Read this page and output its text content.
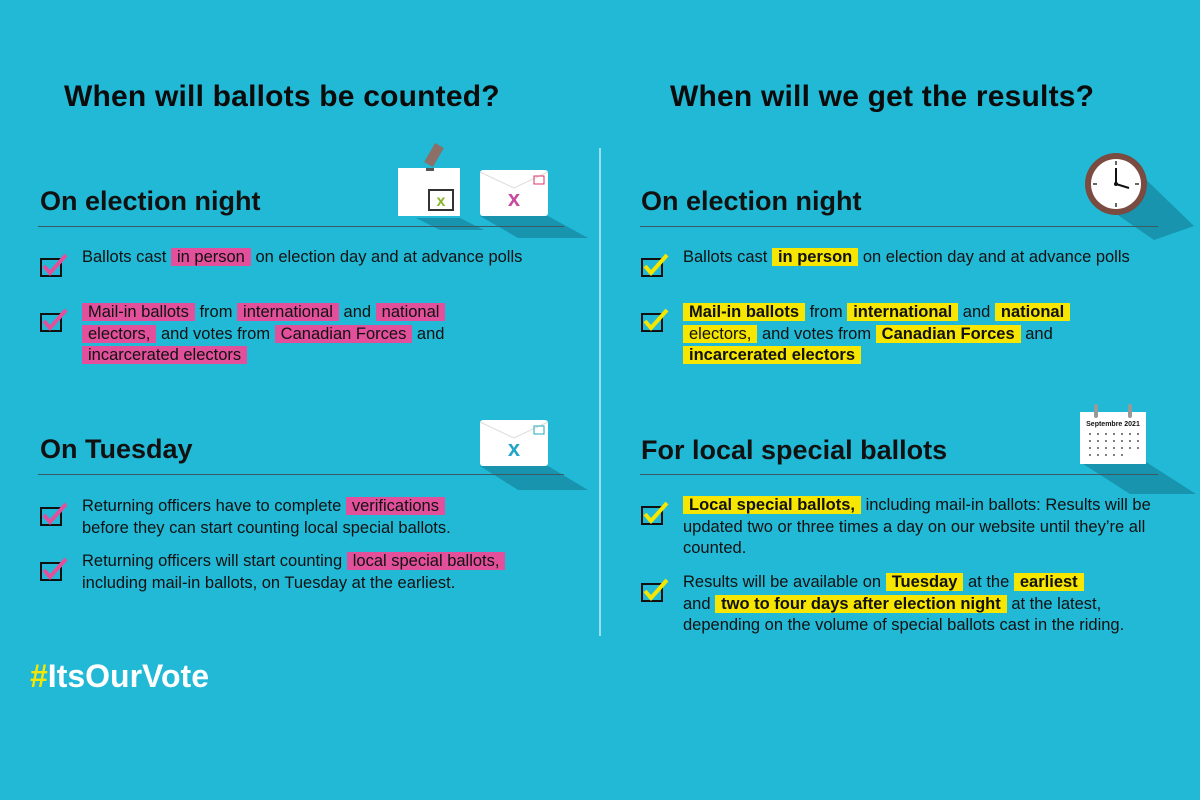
When will ballots be counted?	When will we get the results?
x	x
On election night
Ballots cast in person on election day and at advance polls
Mail-in ballots from international and national
electors, and votes from Canadian Forces and
incarcerated electors
x
On Tuesday
Returning officers have to complete verifications
before they can start counting local special ballots.
Returning officers will start counting local special ballots,
including mail-in ballots, on Tuesday at the earliest.
On election night
Ballots cast in person on election day and at advance polls
Mail-in ballots from international and national
electors, and votes from Canadian Forces and
incarcerated electors
Septembre 2021
For local special ballots
Local special ballots, including mail-in ballots: Results will be updated two or three times a day on our website until they’re all counted.
Results will be available on Tuesday at the earliest
and two to four days after election night at the latest, depending on the volume of special ballots cast in the riding.
#ItsOurVote
